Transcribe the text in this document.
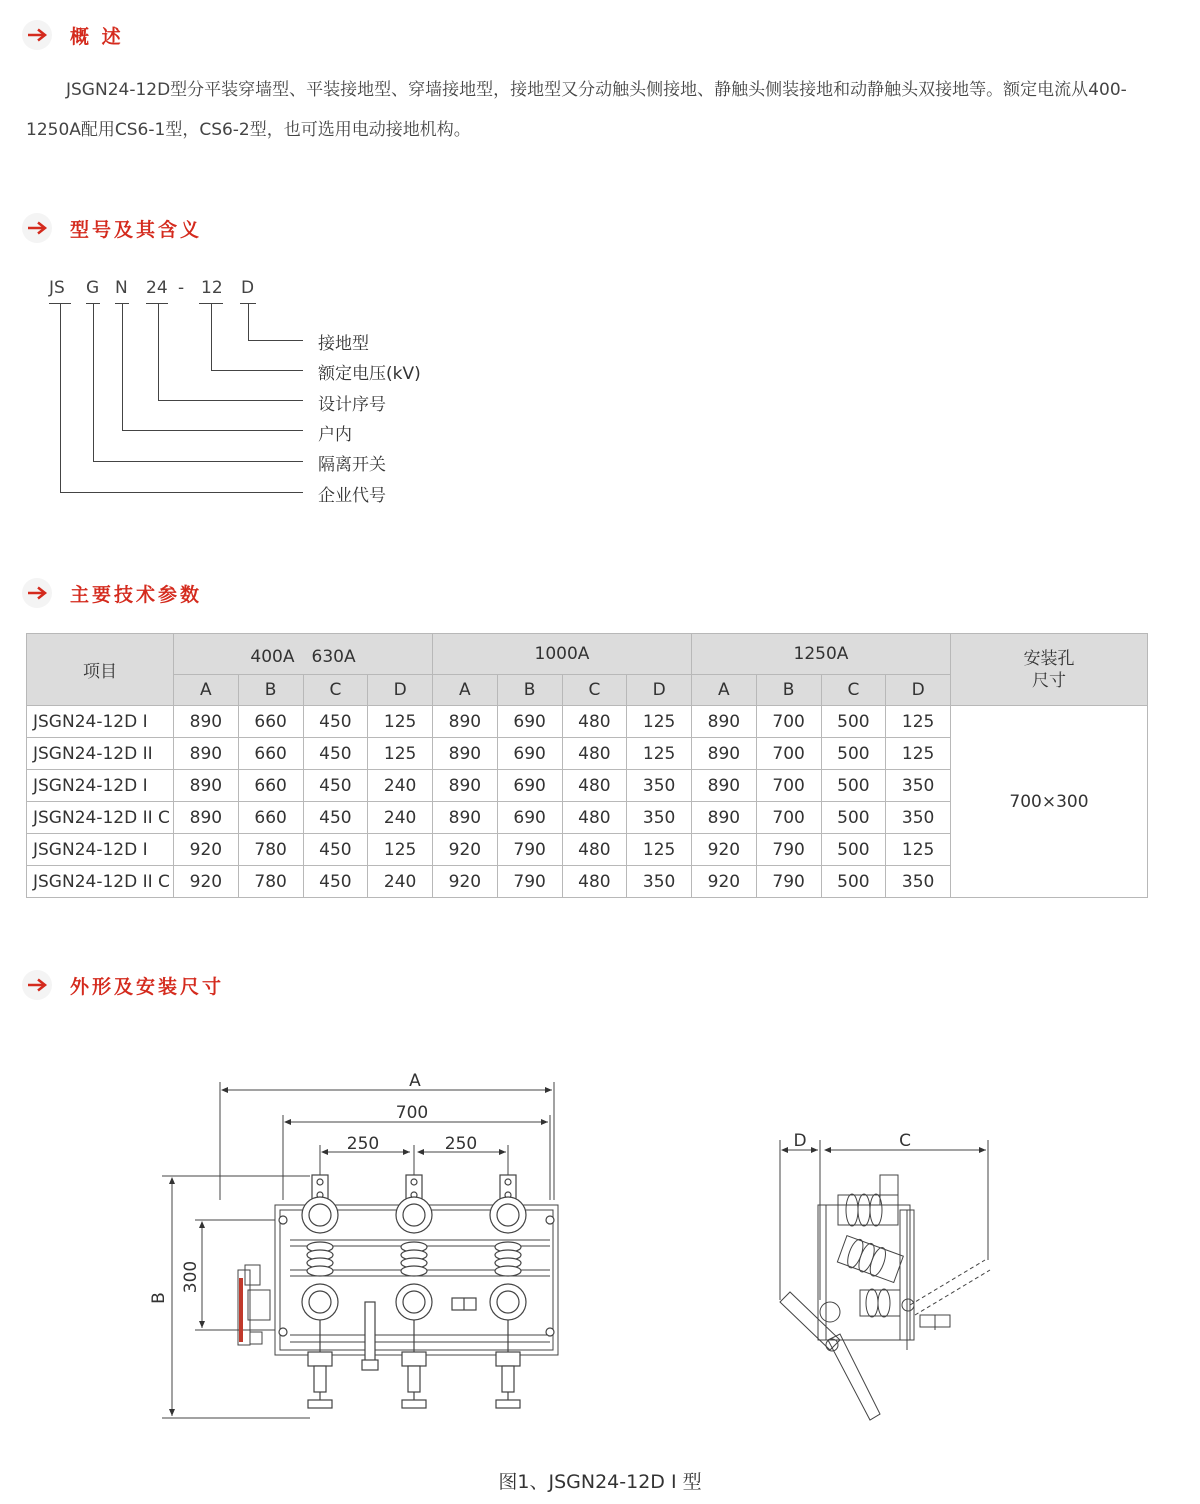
概 述
JSGN24-12D型分平装穿墙型、平装接地型、穿墙接地型，接地型又分动触头侧接地、静触头侧装接地和动静触头双接地等。额定电流从400-1250A配用CS6-1型，CS6-2型，也可选用电动接地机构。
型号及其含义
JS G N 24 - 12 D
接地型
额定电压(kV)
设计序号
户内
隔离开关
企业代号
主要技术参数
项目	400A　630A				1000A				1250A				安装孔尺寸
	A	B	C	D	A	B	C	D	A	B	C	D	
JSGN24-12D I	890	660	450	125	890	690	480	125	890	700	500	125	700×300
JSGN24-12D II	890	660	450	125	890	690	480	125	890	700	500	125	
JSGN24-12D I	890	660	450	240	890	690	480	350	890	700	500	350	
JSGN24-12D II C	890	660	450	240	890	690	480	350	890	700	500	350	
JSGN24-12D I	920	780	450	125	920	790	480	125	920	790	500	125	
JSGN24-12D II C	920	780	450	240	920	790	480	350	920	790	500	350	
外形及安装尺寸
A
700
250	250
B
300
D	C
图1、JSGN24-12D I 型
